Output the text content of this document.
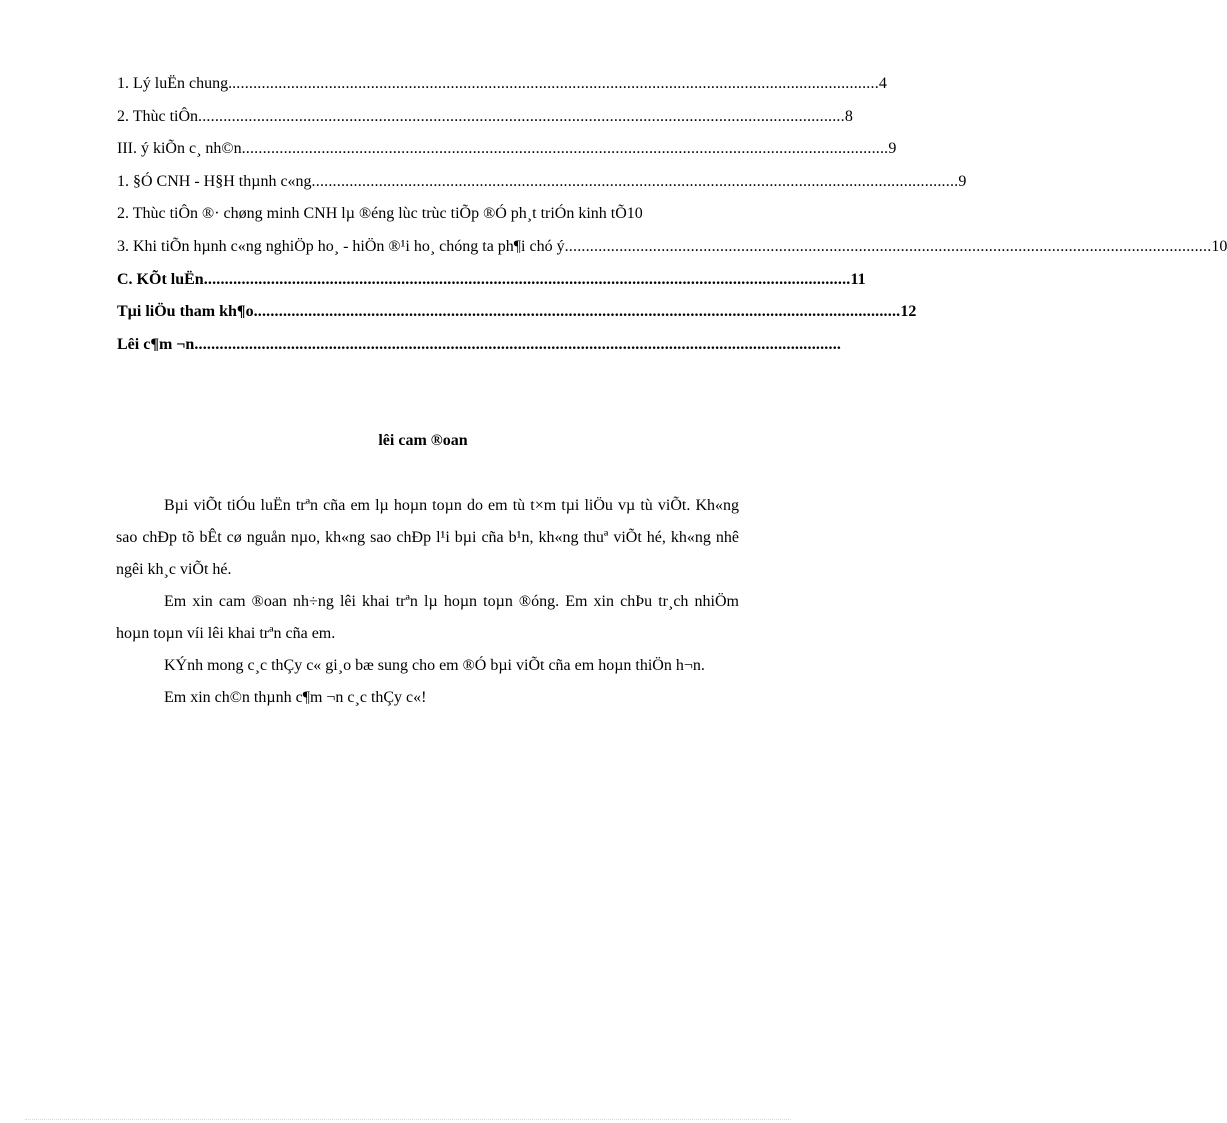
1. Lý luËn chung. .......................................................................................................................................................... 4
2. Thùc tiÔn .......................................................................................................................................................... 8
III. ý kiÕn c¸ nh©n .......................................................................................................................................................... 9
1. §Ó CNH - H§H thµnh c«ng .......................................................................................................................................................... 9
2. Thùc tiÔn ®· chøng minh CNH lµ ®éng lùc trùc tiÕp ®Ó ph¸t triÓn kinh tÕ 10
3. Khi tiÕn hµnh c«ng nghiÖp ho¸ - hiÖn ®¹i ho¸ chóng ta ph¶i chó ý .......................................................................................................................................................... 10
C. KÕt luËn .......................................................................................................................................................... 11
Tµi liÖu tham kh¶o .......................................................................................................................................................... 12
Lêi c¶m ¬n ..........................................................................................................................................................
lêi cam ®oan

Bµi viÕt tiÓu luËn trªn cña em lµ hoµn toµn do em tù t×m tµi liÖu vµ tù viÕt. Kh«ng sao chÐp tõ bÊt cø nguån nµo, kh«ng sao chÐp l¹i bµi cña b¹n, kh«ng thuª viÕt hé, kh«ng nhê ngêi kh¸c viÕt hé.

Em xin cam ®oan nh÷ng lêi khai trªn lµ hoµn toµn ®óng. Em xin chÞu tr¸ch nhiÖm hoµn toµn víi lêi khai trªn cña em.

KÝnh mong c¸c thÇy c« gi¸o bæ sung cho em ®Ó bµi viÕt cña em hoµn thiÖn h¬n.

Em xin ch©n thµnh c¶m ¬n c¸c thÇy c«!
